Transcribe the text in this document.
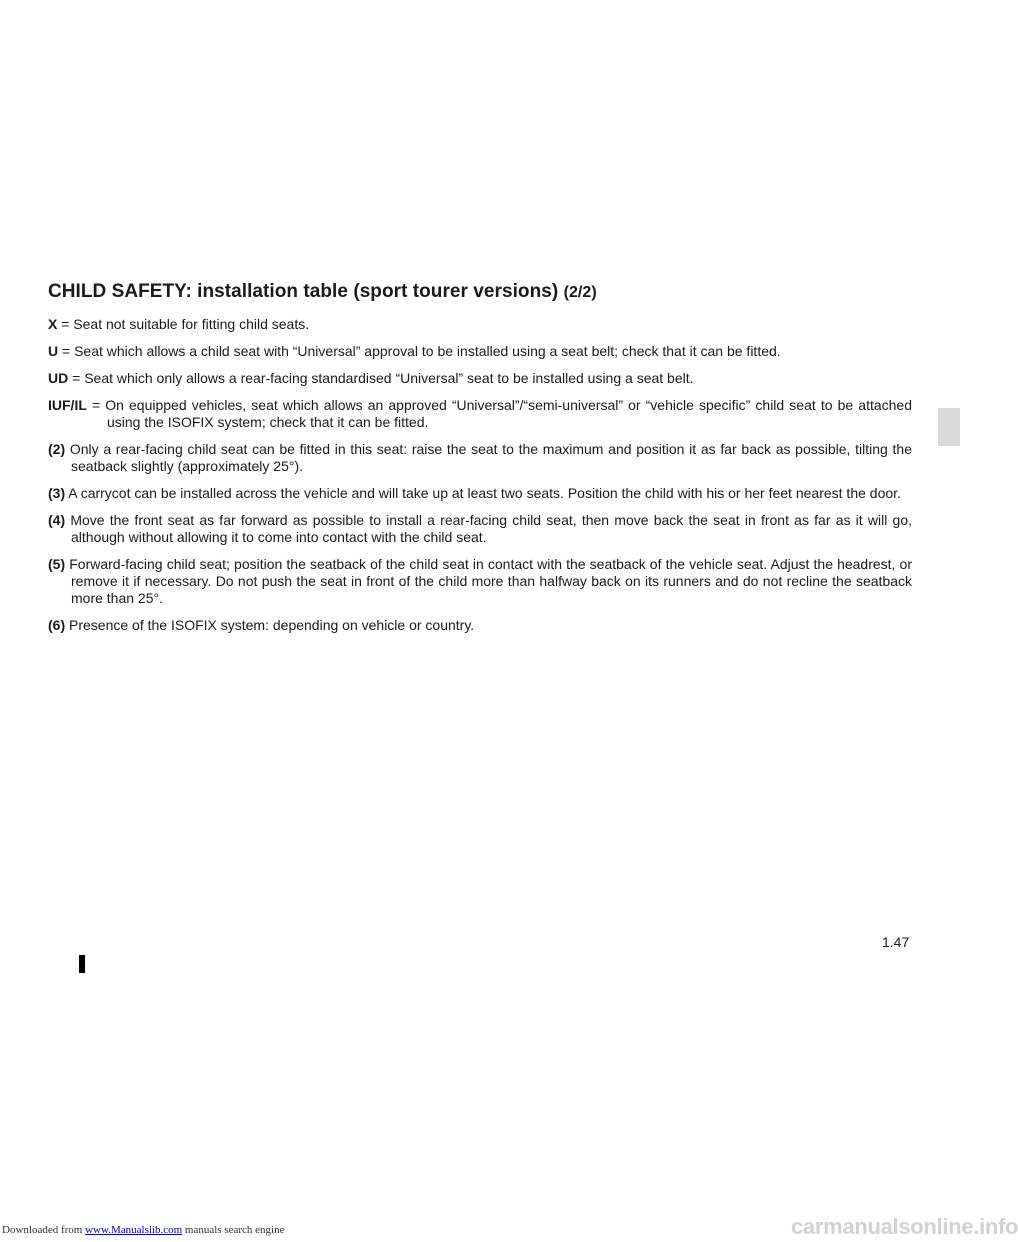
CHILD SAFETY: installation table (sport tourer versions) (2/2)

X = Seat not suitable for fitting child seats.

U = Seat which allows a child seat with “Universal” approval to be installed using a seat belt; check that it can be fitted.

UD = Seat which only allows a rear-facing standardised “Universal” seat to be installed using a seat belt.

IUF/IL = On equipped vehicles, seat which allows an approved “Universal”/“semi-universal” or “vehicle specific” child seat to be attached using the ISOFIX system; check that it can be fitted.

(2) Only a rear-facing child seat can be fitted in this seat: raise the seat to the maximum and position it as far back as possible, tilting the seatback slightly (approximately 25°).

(3) A carrycot can be installed across the vehicle and will take up at least two seats. Position the child with his or her feet nearest the door.

(4) Move the front seat as far forward as possible to install a rear-facing child seat, then move back the seat in front as far as it will go, although without allowing it to come into contact with the child seat.

(5) Forward-facing child seat; position the seatback of the child seat in contact with the seatback of the vehicle seat. Adjust the headrest, or remove it if necessary. Do not push the seat in front of the child more than halfway back on its runners and do not recline the seatback more than 25°.

(6) Presence of the ISOFIX system: depending on vehicle or country.

1.47
Downloaded from www.Manualslib.com manuals search engine	carmanualsonline.info
